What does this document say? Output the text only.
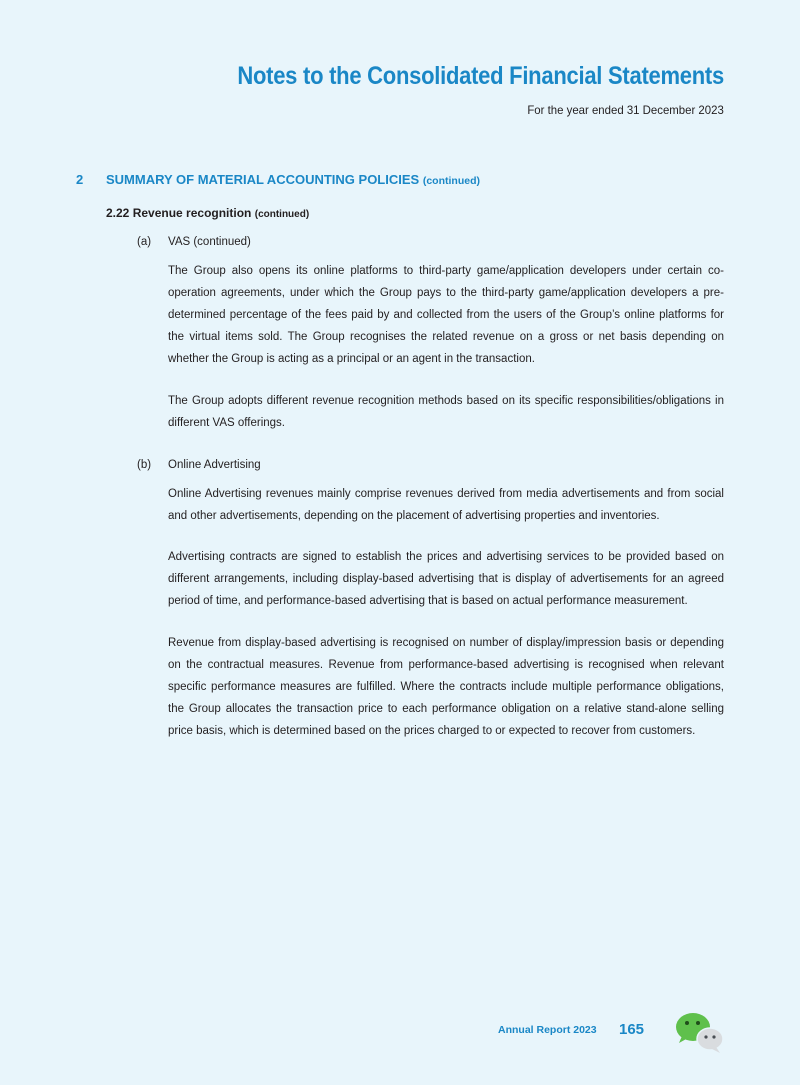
Notes to the Consolidated Financial Statements
For the year ended 31 December 2023
2 SUMMARY OF MATERIAL ACCOUNTING POLICIES (continued)
2.22 Revenue recognition (continued)
(a) VAS (continued)

The Group also opens its online platforms to third-party game/application developers under certain co-operation agreements, under which the Group pays to the third-party game/application developers a pre-determined percentage of the fees paid by and collected from the users of the Group’s online platforms for the virtual items sold. The Group recognises the related revenue on a gross or net basis depending on whether the Group is acting as a principal or an agent in the transaction.

The Group adopts different revenue recognition methods based on its specific responsibilities/obligations in different VAS offerings.

(b) Online Advertising

Online Advertising revenues mainly comprise revenues derived from media advertisements and from social and other advertisements, depending on the placement of advertising properties and inventories.

Advertising contracts are signed to establish the prices and advertising services to be provided based on different arrangements, including display-based advertising that is display of advertisements for an agreed period of time, and performance-based advertising that is based on actual performance measurement.

Revenue from display-based advertising is recognised on number of display/impression basis or depending on the contractual measures. Revenue from performance-based advertising is recognised when relevant specific performance measures are fulfilled. Where the contracts include multiple performance obligations, the Group allocates the transaction price to each performance obligation on a relative stand-alone selling price basis, which is determined based on the prices charged to or expected to recover from customers.

Annual Report 2023 165
